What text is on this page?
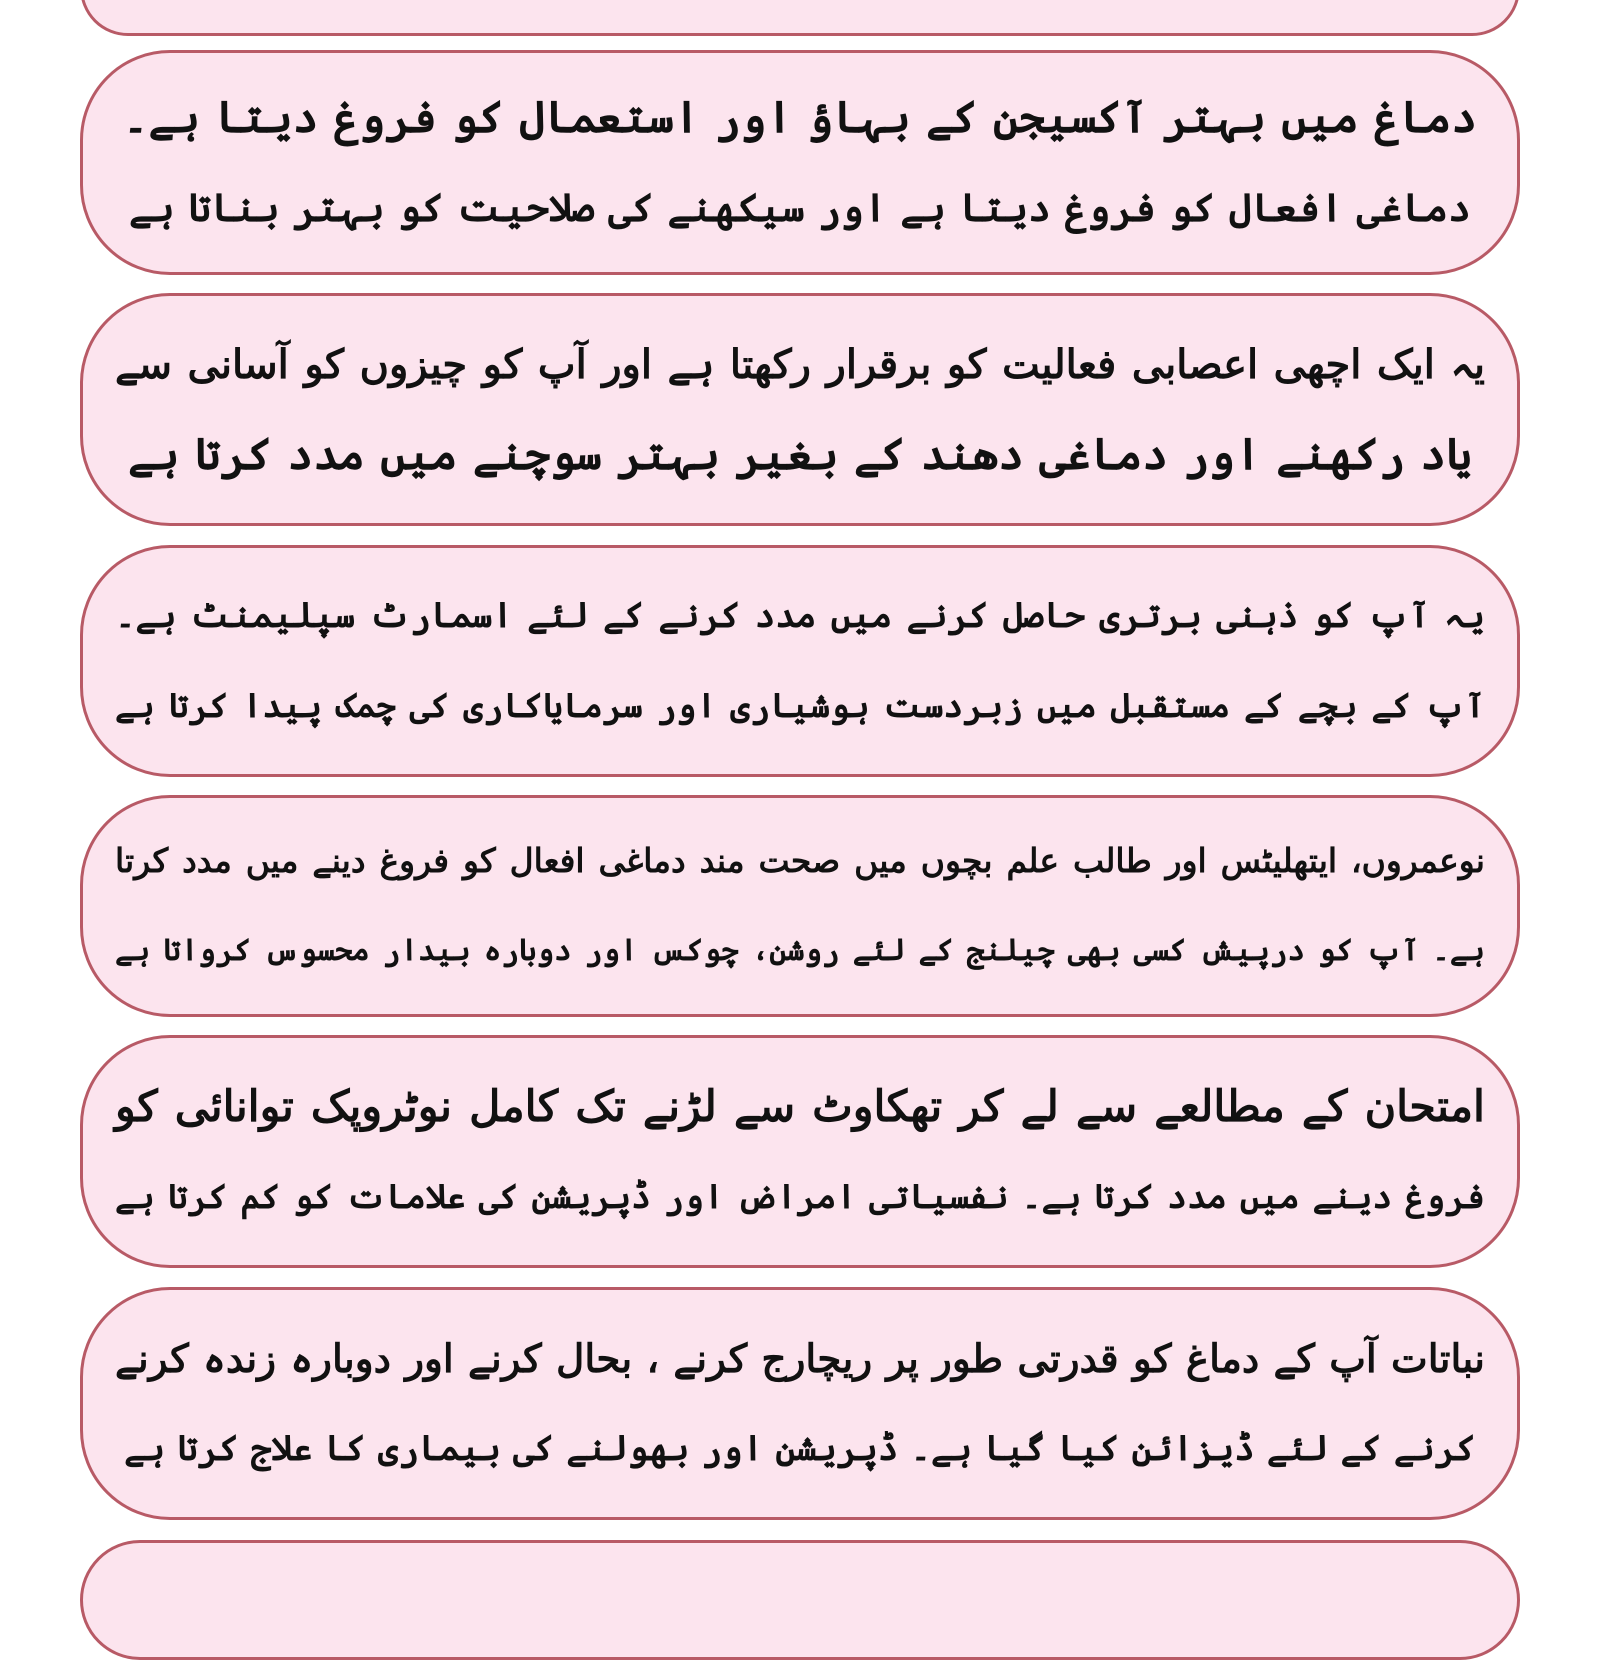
دماغ میں بہتر آکسیجن کے بہاؤ اور استعمال کو فروغ دیتا ہے۔
دماغی افعال کو فروغ دیتا ہے اور سیکھنے کی صلاحیت کو بہتر بناتا ہے
یہ ایک اچھی اعصابی فعالیت کو برقرار رکھتا ہے اور آپ کو چیزوں کو آسانی سے
یاد رکھنے اور دماغی دھند کے بغیر بہتر سوچنے میں مدد کرتا ہے
یہ آپ کو ذہنی برتری حاصل کرنے میں مدد کرنے کے لئے اسمارٹ سپلیمنٹ ہے۔
آپ کے بچے کے مستقبل میں زبردست ہوشیاری اور سرمایاکاری کی چمک پیدا کرتا ہے
نوعمروں، ایتھلیٹس اور طالب علم بچوں میں صحت مند دماغی افعال کو فروغ دینے میں مدد کرتا
ہے۔ آپ کو درپیش کسی بھی چیلنج کے لئے روشن، چوکس اور دوبارہ بیدار محسوس کرواتا ہے
امتحان کے مطالعے سے لے کر تھکاوٹ سے لڑنے تک کامل نوٹروپک توانائی کو
فروغ دینے میں مدد کرتا ہے۔ نفسیاتی امراض اور ڈپریشن کی علامات کو کم کرتا ہے
نباتات آپ کے دماغ کو قدرتی طور پر ریچارج کرنے ، بحال کرنے اور دوبارہ زندہ کرنے
کرنے کے لئے ڈیزائن کیا گیا ہے۔ ڈپریشن اور بھولنے کی بیماری کا علاج کرتا ہے
